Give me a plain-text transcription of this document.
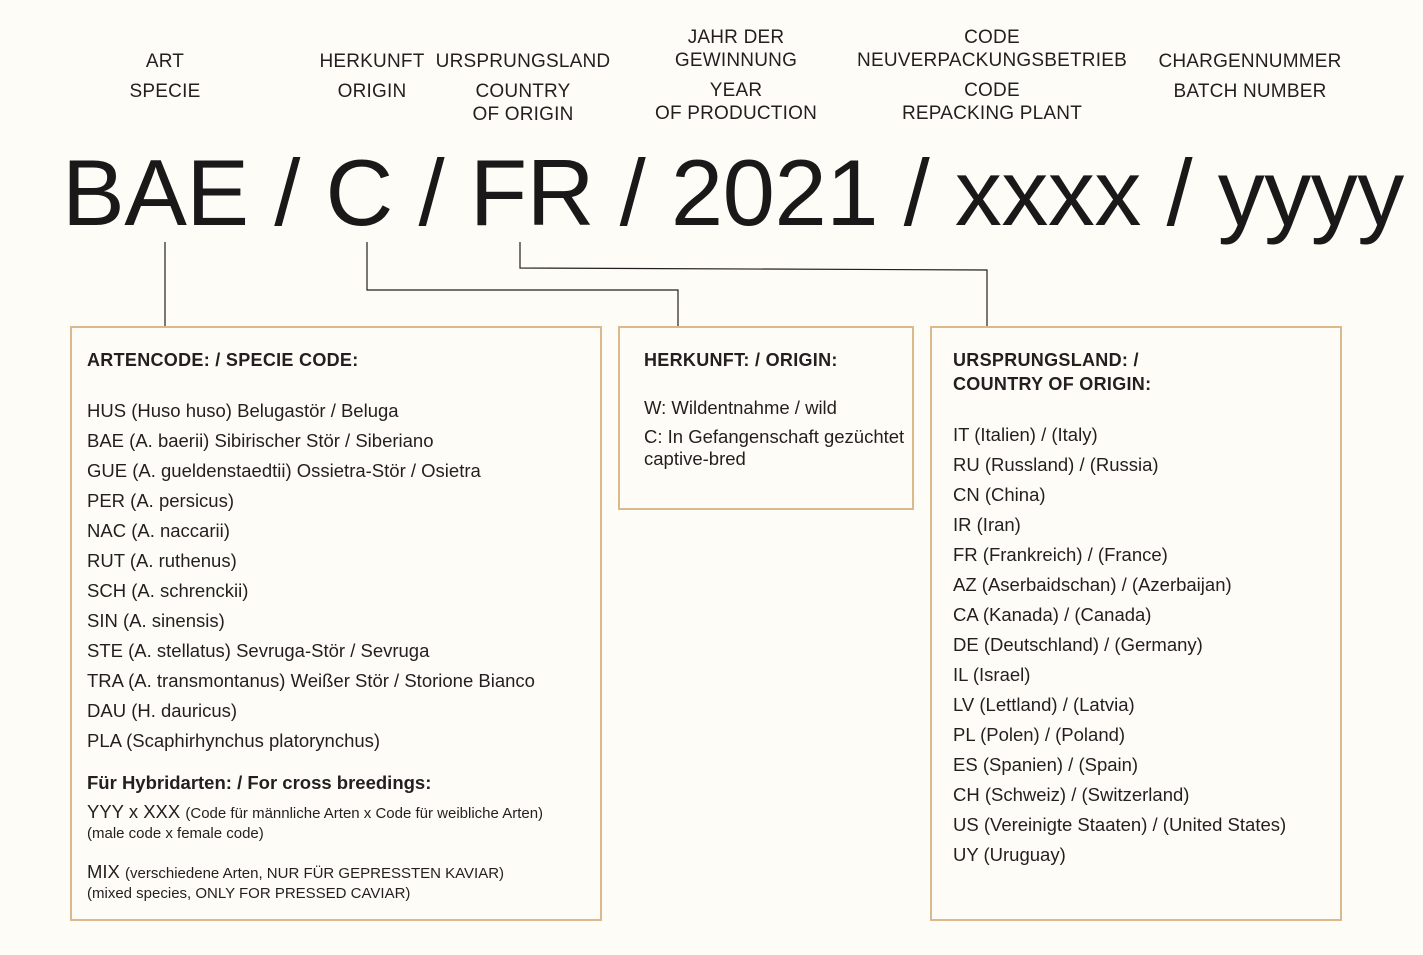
ART
SPECIE
HERKUNFT
ORIGIN
URSPRUNGSLAND
COUNTRY
OF ORIGIN
JAHR DER
GEWINNUNG
YEAR
OF PRODUCTION
CODE
NEUVERPACKUNGSBETRIEB
CODE
REPACKING PLANT
CHARGENNUMMER
BATCH NUMBER
BAE / C / FR / 2021 / xxxx / yyyy
ARTENCODE: / SPECIE CODE:
HUS (Huso huso) Belugastör / Beluga
BAE (A. baerii) Sibirischer Stör / Siberiano
GUE (A. gueldenstaedtii) Ossietra-Stör / Osietra
PER (A. persicus)
NAC (A. naccarii)
RUT (A. ruthenus)
SCH (A. schrenckii)
SIN (A. sinensis)
STE (A. stellatus) Sevruga-Stör / Sevruga
TRA (A. transmontanus) Weißer Stör / Storione Bianco
DAU (H. dauricus)
PLA (Scaphirhynchus platorynchus)
Für Hybridarten: / For cross breedings:
YYY x XXX (Code für männliche Arten x Code für weibliche Arten)
(male code x female code)
MIX (verschiedene Arten, NUR FÜR GEPRESSTEN KAVIAR)
(mixed species, ONLY FOR PRESSED CAVIAR)
HERKUNFT: / ORIGIN:
W: Wildentnahme / wild
C: In Gefangenschaft gezüchtet
captive-bred
URSPRUNGSLAND: /
COUNTRY OF ORIGIN:
IT (Italien) / (Italy)
RU (Russland) / (Russia)
CN (China)
IR (Iran)
FR (Frankreich) / (France)
AZ (Aserbaidschan) / (Azerbaijan)
CA (Kanada) / (Canada)
DE (Deutschland) / (Germany)
IL (Israel)
LV (Lettland) / (Latvia)
PL (Polen) / (Poland)
ES (Spanien) / (Spain)
CH (Schweiz) / (Switzerland)
US (Vereinigte Staaten) / (United States)
UY (Uruguay)
